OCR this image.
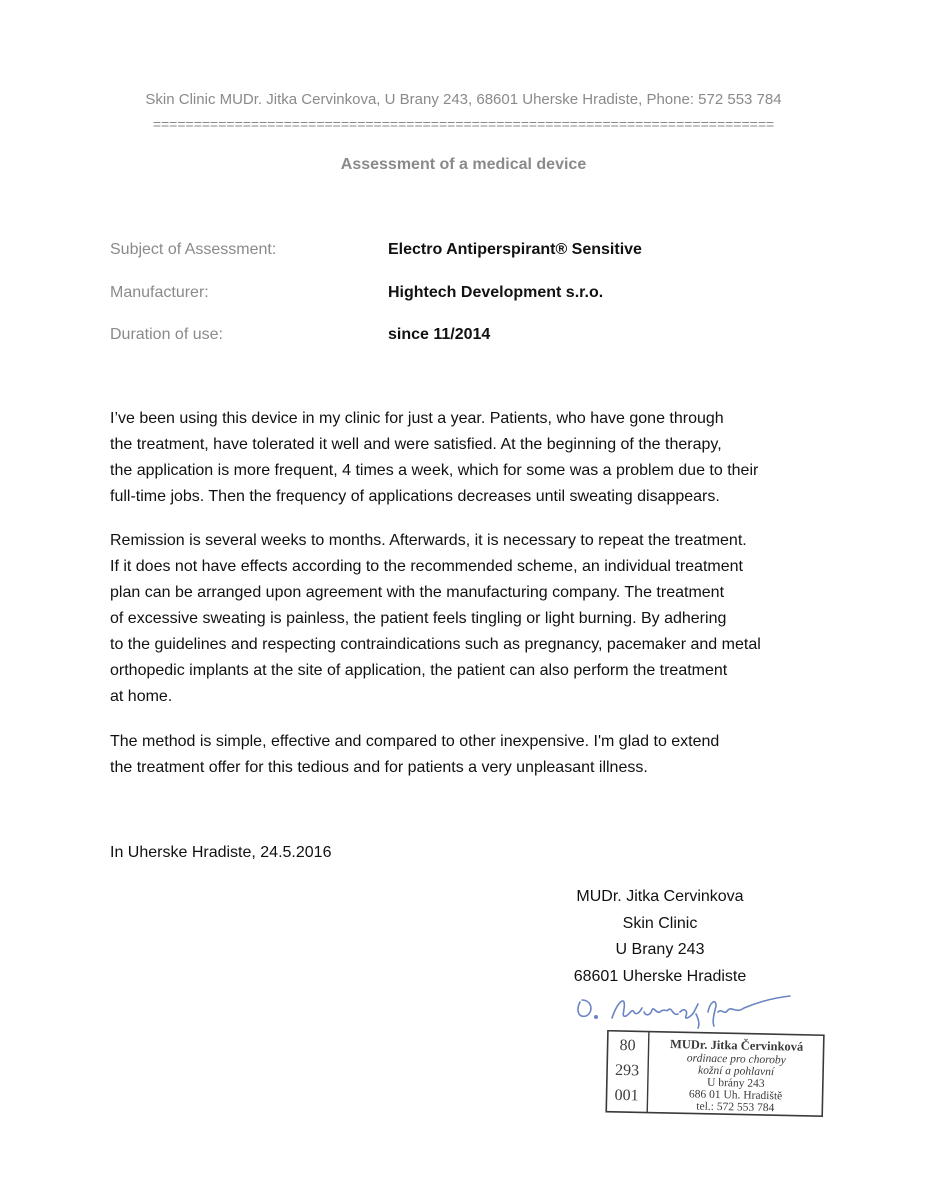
Skin Clinic MUDr. Jitka Cervinkova, U Brany 243, 68601 Uherske Hradiste, Phone: 572 553 784
============================================================================
Assessment of a medical device
Subject of Assessment:	Electro Antiperspirant® Sensitive
Manufacturer:	Hightech Development s.r.o.
Duration of use:	since 11/2014
I’ve been using this device in my clinic for just a year. Patients, who have gone through
the treatment, have tolerated it well and were satisfied. At the beginning of the therapy,
the application is more frequent, 4 times a week, which for some was a problem due to their
full-time jobs. Then the frequency of applications decreases until sweating disappears.
Remission is several weeks to months. Afterwards, it is necessary to repeat the treatment.
If it does not have effects according to the recommended scheme, an individual treatment
plan can be arranged upon agreement with the manufacturing company. The treatment
of excessive sweating is painless, the patient feels tingling or light burning. By adhering
to the guidelines and respecting contraindications such as pregnancy, pacemaker and metal
orthopedic implants at the site of application, the patient can also perform the treatment
at home.
The method is simple, effective and compared to other inexpensive. I'm glad to extend
the treatment offer for this tedious and for patients a very unpleasant illness.
In Uherske Hradiste, 24.5.2016
MUDr. Jitka Cervinkova
Skin Clinic
U Brany 243
68601 Uherske Hradiste
80
293
001
MUDr. Jitka Červinková
ordinace pro choroby
kožní a pohlavní
U brány 243
686 01 Uh. Hradiště
tel.: 572 553 784
